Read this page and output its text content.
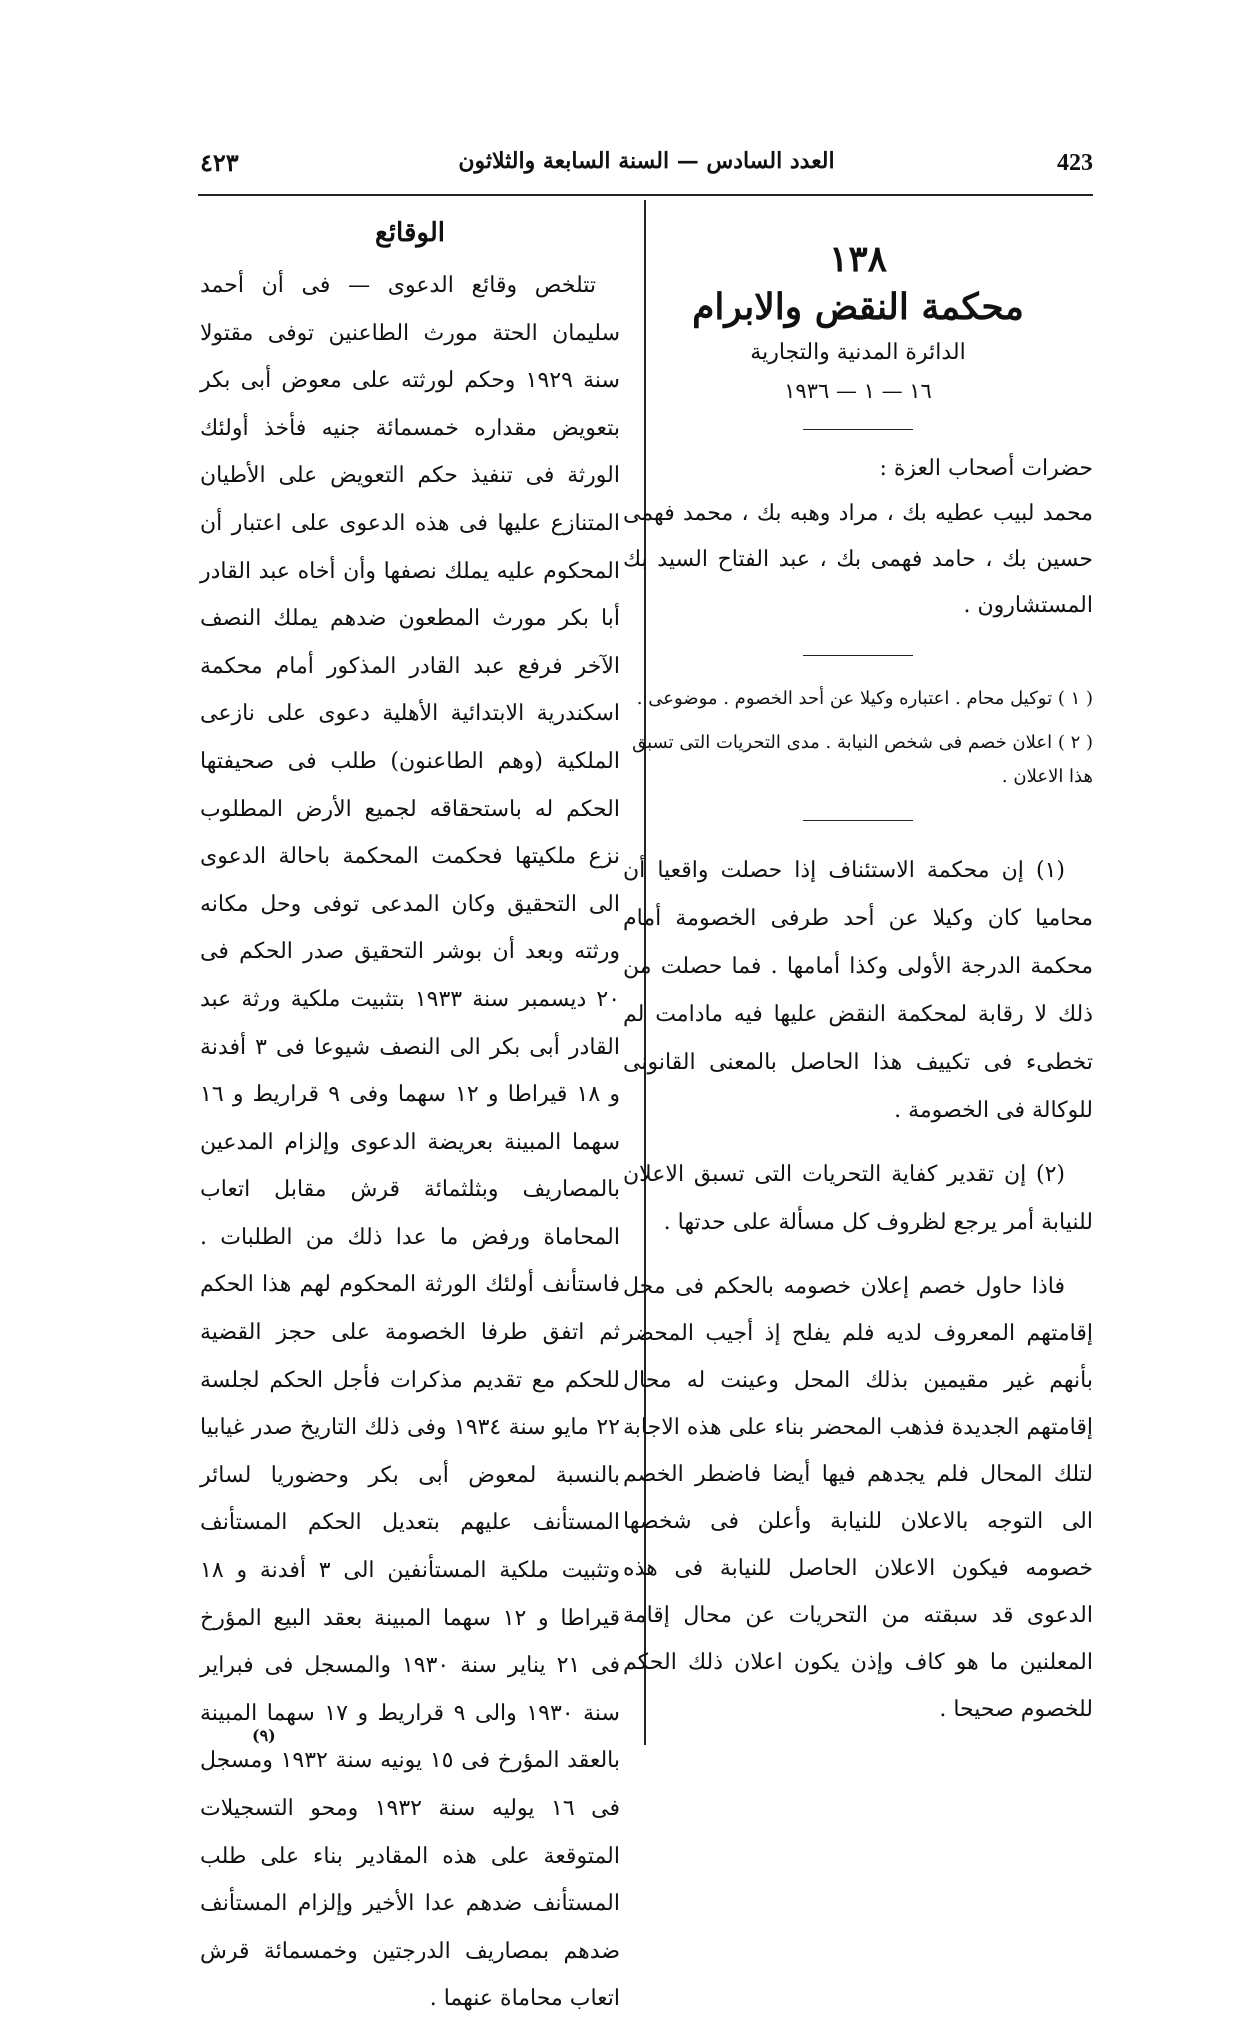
423
العدد السادس — السنة السابعة والثلاثون
٤٢٣
١٣٨
محكمة النقض والابرام
الدائرة المدنية والتجارية
١٦ — ١ — ١٩٣٦
حضرات أصحاب العزة :
محمد لبيب عطيه بك ، مراد وهبه بك ، محمد فهمى حسين بك ، حامد فهمى بك ، عبد الفتاح السيد بك المستشارون .
( ١ ) توكيل محام . اعتباره وكيلا عن أحد الخصوم . موضوعى .
( ٢ ) اعلان خصم فى شخص النيابة . مدى التحريات التى تسبق هذا الاعلان .
(١) إن محكمة الاستئناف إذا حصلت واقعيا أن محاميا كان وكيلا عن أحد طرفى الخصومة أمام محكمة الدرجة الأولى وكذا أمامها . فما حصلت من ذلك لا رقابة لمحكمة النقض عليها فيه مادامت لم تخطىء فى تكييف هذا الحاصل بالمعنى القانونى للوكالة فى الخصومة .
(٢) إن تقدير كفاية التحريات التى تسبق الاعلان للنيابة أمر يرجع لظروف كل مسألة على حدتها .
فاذا حاول خصم إعلان خصومه بالحكم فى محل إقامتهم المعروف لديه فلم يفلح إذ أجيب المحضر بأنهم غير مقيمين بذلك المحل وعينت له محال إقامتهم الجديدة فذهب المحضر بناء على هذه الاجابة لتلك المحال فلم يجدهم فيها أيضا فاضطر الخصم الى التوجه بالاعلان للنيابة وأعلن فى شخصها خصومه فيكون الاعلان الحاصل للنيابة فى هذه الدعوى قد سبقته من التحريات عن محال إقامة المعلنين ما هو كاف وإذن يكون اعلان ذلك الحكم للخصوم صحيحا .
الوقائع
تتلخص وقائع الدعوى — فى أن أحمد سليمان الحتة مورث الطاعنين توفى مقتولا سنة ١٩٢٩ وحكم لورثته على معوض أبى بكر بتعويض مقداره خمسمائة جنيه فأخذ أولئك الورثة فى تنفيذ حكم التعويض على الأطيان المتنازع عليها فى هذه الدعوى على اعتبار أن المحكوم عليه يملك نصفها وأن أخاه عبد القادر أبا بكر مورث المطعون ضدهم يملك النصف الآخر فرفع عبد القادر المذكور أمام محكمة اسكندرية الابتدائية الأهلية دعوى على نازعى الملكية (وهم الطاعنون) طلب فى صحيفتها الحكم له باستحقاقه لجميع الأرض المطلوب نزع ملكيتها فحكمت المحكمة باحالة الدعوى الى التحقيق وكان المدعى توفى وحل مكانه ورثته وبعد أن بوشر التحقيق صدر الحكم فى ٢٠ ديسمبر سنة ١٩٣٣ بتثبيت ملكية ورثة عبد القادر أبى بكر الى النصف شيوعا فى ٣ أفدنة و ١٨ قيراطا و ١٢ سهما وفى ٩ قراريط و ١٦ سهما المبينة بعريضة الدعوى وإلزام المدعين بالمصاريف وبثلثمائة قرش مقابل اتعاب المحاماة ورفض ما عدا ذلك من الطلبات . فاستأنف أولئك الورثة المحكوم لهم هذا الحكم ثم اتفق طرفا الخصومة على حجز القضية للحكم مع تقديم مذكرات فأجل الحكم لجلسة ٢٢ مايو سنة ١٩٣٤ وفى ذلك التاريخ صدر غيابيا بالنسبة لمعوض أبى بكر وحضوريا لسائر المستأنف عليهم بتعديل الحكم المستأنف وتثبيت ملكية المستأنفين الى ٣ أفدنة و ١٨ قيراطا و ١٢ سهما المبينة بعقد البيع المؤرخ فى ٢١ يناير سنة ١٩٣٠ والمسجل فى فبراير سنة ١٩٣٠ والى ٩ قراريط و ١٧ سهما المبينة بالعقد المؤرخ فى ١٥ يونيه سنة ١٩٣٢ ومسجل فى ١٦ يوليه سنة ١٩٣٢ ومحو التسجيلات المتوقعة على هذه المقادير بناء على طلب المستأنف ضدهم عدا الأخير وإلزام المستأنف ضدهم بمصاريف الدرجتين وخمسمائة قرش اتعاب محاماة عنهما .
(٩)
